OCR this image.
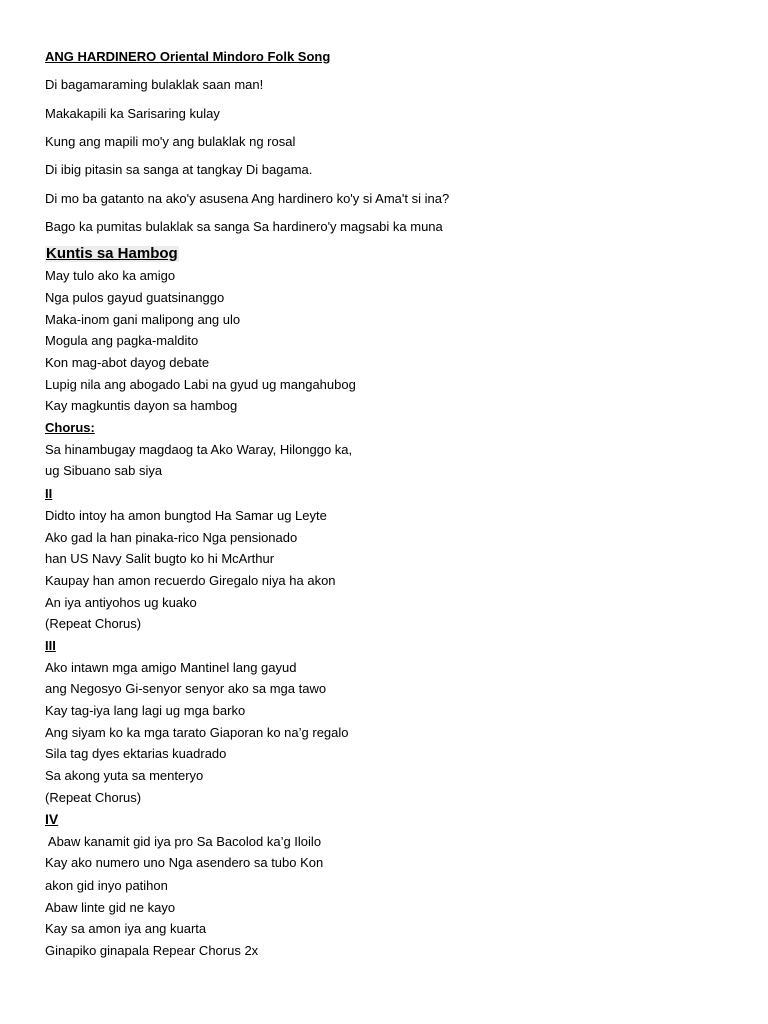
ANG HARDINERO Oriental Mindoro Folk Song

Di bagamaraming bulaklak saan man!

Makakapili ka Sarisaring kulay

Kung ang mapili mo'y ang bulaklak ng rosal

Di ibig pitasin sa sanga at tangkay Di bagama.

Di mo ba gatanto na ako'y asusena Ang hardinero ko'y si Ama't si ina?

Bago ka pumitas bulaklak sa sanga Sa hardinero'y magsabi ka muna

Kuntis sa Hambog

May tulo ako ka amigo

Nga pulos gayud guatsinanggo

Maka-inom gani malipong ang ulo

Mogula ang pagka-maldito

Kon mag-abot dayog debate

Lupig nila ang abogado Labi na gyud ug mangahubog

Kay magkuntis dayon sa hambog

Chorus:

Sa hinambugay magdaog ta Ako Waray, Hilonggo ka,

ug Sibuano sab siya

II

Didto intoy ha amon bungtod Ha Samar ug Leyte

Ako gad la han pinaka-rico Nga pensionado

han US Navy Salit bugto ko hi McArthur

Kaupay han amon recuerdo Giregalo niya ha akon

An iya antiyohos ug kuako

(Repeat Chorus)

III

Ako intawn mga amigo Mantinel lang gayud

ang Negosyo Gi-senyor senyor ako sa mga tawo

Kay tag-iya lang lagi ug mga barko

Ang siyam ko ka mga tarato Giaporan ko na’g regalo

Sila tag dyes ektarias kuadrado

Sa akong yuta sa menteryo

(Repeat Chorus)

IV

Abaw kanamit gid iya pro Sa Bacolod ka’g Iloilo

Kay ako numero uno Nga asendero sa tubo Kon

akon gid inyo patihon

Abaw linte gid ne kayo

Kay sa amon iya ang kuarta

Ginapiko ginapala Repear Chorus 2x
